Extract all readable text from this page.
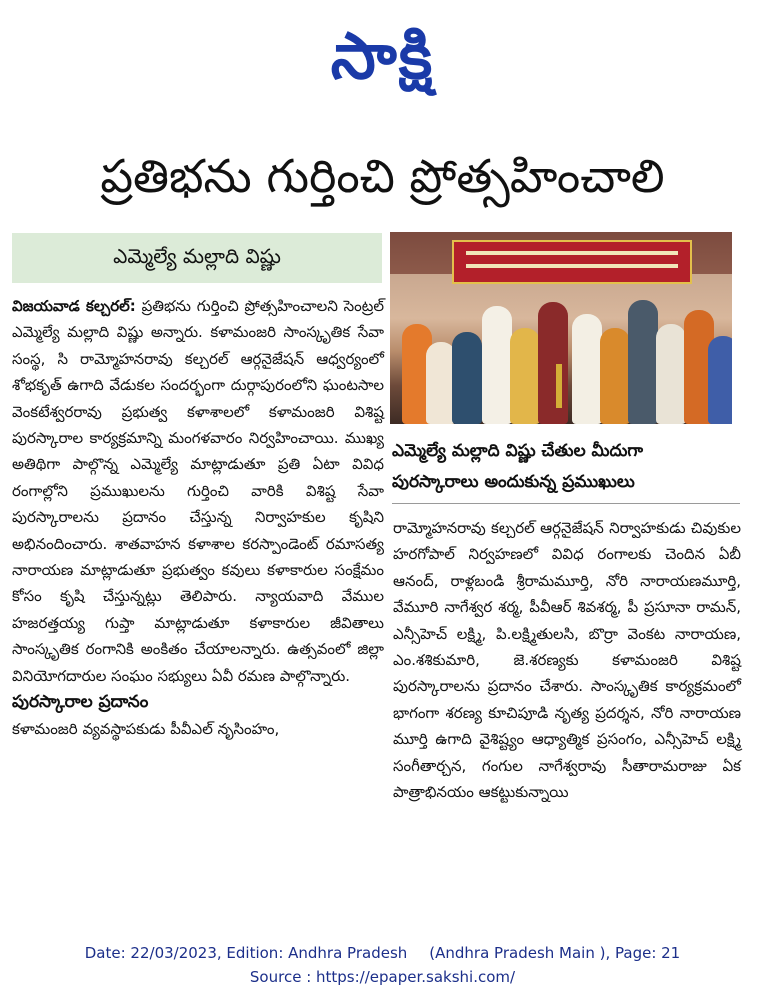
సాక్షి
ప్రతిభను గుర్తించి ప్రోత్సహించాలి
ఎమ్మెల్యే మల్లాది విష్ణు

విజయవాడ కల్చరల్: ప్రతిభను గుర్తించి ప్రోత్సహించాలని సెంట్రల్ ఎమ్మెల్యే మల్లాది విష్ణు అన్నారు. కళామంజరి సాంస్కృతిక సేవా సంస్థ, సి రామ్మోహనరావు కల్చరల్ ఆర్గనైజేషన్ ఆధ్వర్యంలో శోభకృత్ ఉగాది వేడుకల సందర్భంగా దుర్గాపురంలోని ఘంటసాల వెంకటేశ్వరరావు ప్రభుత్వ కళాశాలలో కళామంజరి విశిష్ట పురస్కారాల కార్యక్రమాన్ని మంగళవారం నిర్వహించాయి. ముఖ్య అతిథిగా పాల్గొన్న ఎమ్మెల్యే మాట్లాడుతూ ప్రతి ఏటా వివిధ రంగాల్లోని ప్రముఖులను గుర్తించి వారికి విశిష్ట సేవా పురస్కారాలను ప్రదానం చేస్తున్న నిర్వాహకుల కృషిని అభినందించారు. శాతవాహన కళాశాల కరస్పాండెంట్ రమాసత్య నారాయణ మాట్లాడుతూ ప్రభుత్వం కవులు కళాకారుల సంక్షేమం కోసం కృషి చేస్తున్నట్లు తెలిపారు. న్యాయవాది వేముల హజరత్తయ్య గుప్తా మాట్లాడుతూ కళాకారుల జీవితాలు సాంస్కృతిక రంగానికి అంకితం చేయాలన్నారు. ఉత్సవంలో జిల్లా వినియోగదారుల సంఘం సభ్యులు ఏవీ రమణ పాల్గొన్నారు.

పురస్కారాల ప్రదానం

కళామంజరి వ్యవస్థాపకుడు పీవీఎల్ నృసింహం,

ఎమ్మెల్యే మల్లాది విష్ణు చేతుల మీదుగా

పురస్కారాలు అందుకున్న ప్రముఖులు

రామ్మోహనరావు కల్చరల్ ఆర్గనైజేషన్ నిర్వాహకుడు చివుకుల హరగోపాల్ నిర్వహణలో వివిధ రంగాలకు చెందిన ఏబీ ఆనంద్, రాళ్లబండి శ్రీరామమూర్తి, నోరి నారాయణమూర్తి, వేమూరి నాగేశ్వర శర్మ, పీవీఆర్ శివశర్మ, పీ ప్రసూనా రామన్, ఎన్సీహెచ్ లక్ష్మి, పి.లక్ష్మితులసి, బొర్రా వెంకట నారాయణ, ఎం.శశికుమారి, జె.శరణ్యకు కళామంజరి విశిష్ట పురస్కారాలను ప్రదానం చేశారు. సాంస్కృతిక కార్యక్రమంలో భాగంగా శరణ్య కూచిపూడి నృత్య ప్రదర్శన, నోరి నారాయణ మూర్తి ఉగాది వైశిష్ట్యం ఆధ్యాత్మిక ప్రసంగం, ఎన్సీహెచ్ లక్ష్మి సంగీతార్చన, గంగుల నాగేశ్వరావు సీతారామరాజు ఏక పాత్రాభినయం ఆకట్టుకున్నాయి

Date: 22/03/2023, Edition: Andhra Pradesh (Andhra Pradesh Main ), Page: 21
Source : https://epaper.sakshi.com/
